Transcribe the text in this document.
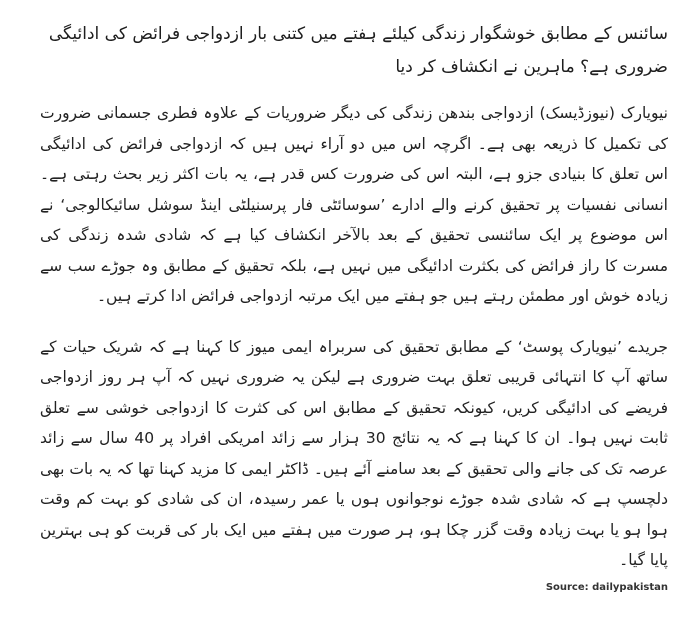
سائنس کے مطابق خوشگوار زندگی کیلئے ہفتے میں کتنی بار ازدواجی فرائض کی ادائیگی ضروری ہے؟ ماہرین نے انکشاف کر دیا

نیویارک (نیوزڈیسک) ازدواجی بندھن زندگی کی دیگر ضروریات کے علاوہ فطری جسمانی ضرورت کی تکمیل کا ذریعہ بھی ہے۔ اگرچہ اس میں دو آراء نہیں ہیں کہ ازدواجی فرائض کی ادائیگی اس تعلق کا بنیادی جزو ہے، البتہ اس کی ضرورت کس قدر ہے، یہ بات اکثر زیر بحث رہتی ہے۔ انسانی نفسیات پر تحقیق کرنے والے ادارے ’سوسائٹی فار پرسنیلٹی اینڈ سوشل سائیکالوجی‘ نے اس موضوع پر ایک سائنسی تحقیق کے بعد بالآخر انکشاف کیا ہے کہ شادی شدہ زندگی کی مسرت کا راز فرائض کی بکثرت ادائیگی میں نہیں ہے، بلکہ تحقیق کے مطابق وہ جوڑے سب سے زیادہ خوش اور مطمئن رہتے ہیں جو ہفتے میں ایک مرتبہ ازدواجی فرائض ادا کرتے ہیں۔

جریدے ’نیویارک پوسٹ‘ کے مطابق تحقیق کی سربراہ ایمی میوز کا کہنا ہے کہ شریک حیات کے ساتھ آپ کا انتہائی قریبی تعلق بہت ضروری ہے لیکن یہ ضروری نہیں کہ آپ ہر روز ازدواجی فریضے کی ادائیگی کریں، کیونکہ تحقیق کے مطابق اس کی کثرت کا ازدواجی خوشی سے تعلق ثابت نہیں ہوا۔ ان کا کہنا ہے کہ یہ نتائج 30 ہزار سے زائد امریکی افراد پر 40 سال سے زائد عرصہ تک کی جانے والی تحقیق کے بعد سامنے آئے ہیں۔ ڈاکٹر ایمی کا مزید کہنا تھا کہ یہ بات بھی دلچسپ ہے کہ شادی شدہ جوڑے نوجوانوں ہوں یا عمر رسیدہ، ان کی شادی کو بہت کم وقت ہوا ہو یا بہت زیادہ وقت گزر چکا ہو، ہر صورت میں ہفتے میں ایک بار کی قربت کو ہی بہترین پایا گیا۔

Source: dailypakistan
